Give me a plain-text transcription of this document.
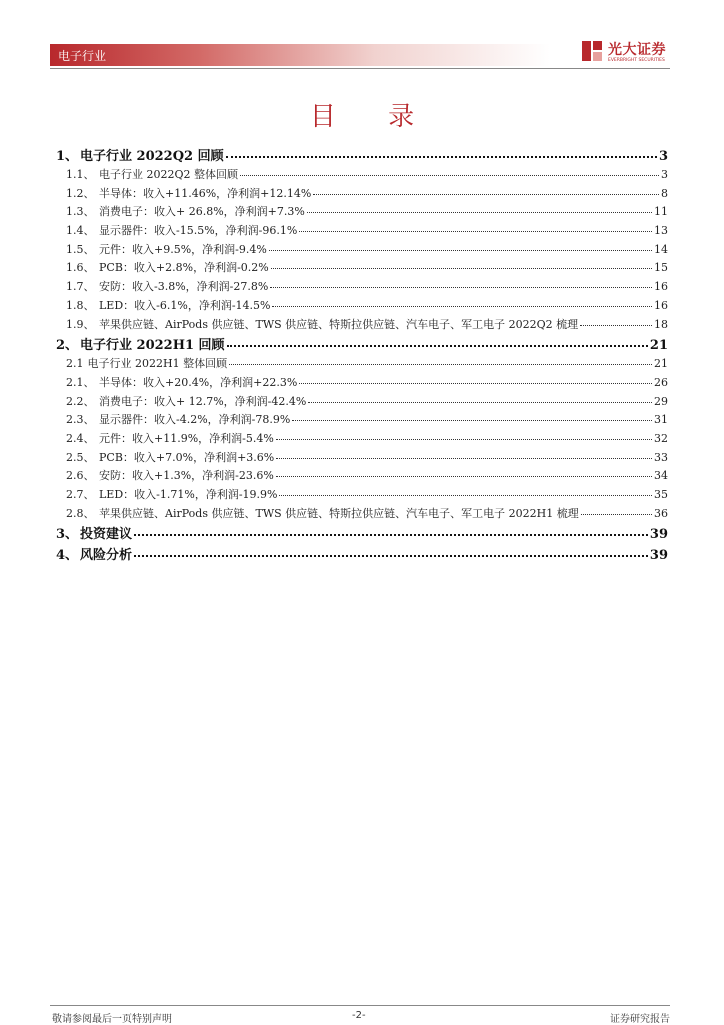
电子行业	光大证券
EVERBRIGHT SECURITIES
目 录
1、 电子行业 2022Q2 回顾	3
1.1、 电子行业 2022Q2 整体回顾	3
1.2、 半导体：收入+11.46%，净利润+12.14%	8
1.3、 消费电子：收入+ 26.8%，净利润+7.3%	11
1.4、 显示器件：收入-15.5%，净利润-96.1%	13
1.5、 元件：收入+9.5%，净利润-9.4%	14
1.6、 PCB：收入+2.8%，净利润-0.2%	15
1.7、 安防：收入-3.8%，净利润-27.8%	16
1.8、 LED：收入-6.1%，净利润-14.5%	16
1.9、 苹果供应链、AirPods 供应链、TWS 供应链、特斯拉供应链、汽车电子、军工电子 2022Q2 梳理	18
2、 电子行业 2022H1 回顾	21
2.1 电子行业 2022H1 整体回顾	21
2.1、 半导体：收入+20.4%，净利润+22.3%	26
2.2、 消费电子：收入+ 12.7%，净利润-42.4%	29
2.3、 显示器件：收入-4.2%，净利润-78.9%	31
2.4、 元件：收入+11.9%，净利润-5.4%	32
2.5、 PCB：收入+7.0%，净利润+3.6%	33
2.6、 安防：收入+1.3%，净利润-23.6%	34
2.7、 LED：收入-1.71%，净利润-19.9%	35
2.8、 苹果供应链、AirPods 供应链、TWS 供应链、特斯拉供应链、汽车电子、军工电子 2022H1 梳理	36
3、 投资建议	39
4、 风险分析	39
敬请参阅最后一页特别声明	-2-	证券研究报告
